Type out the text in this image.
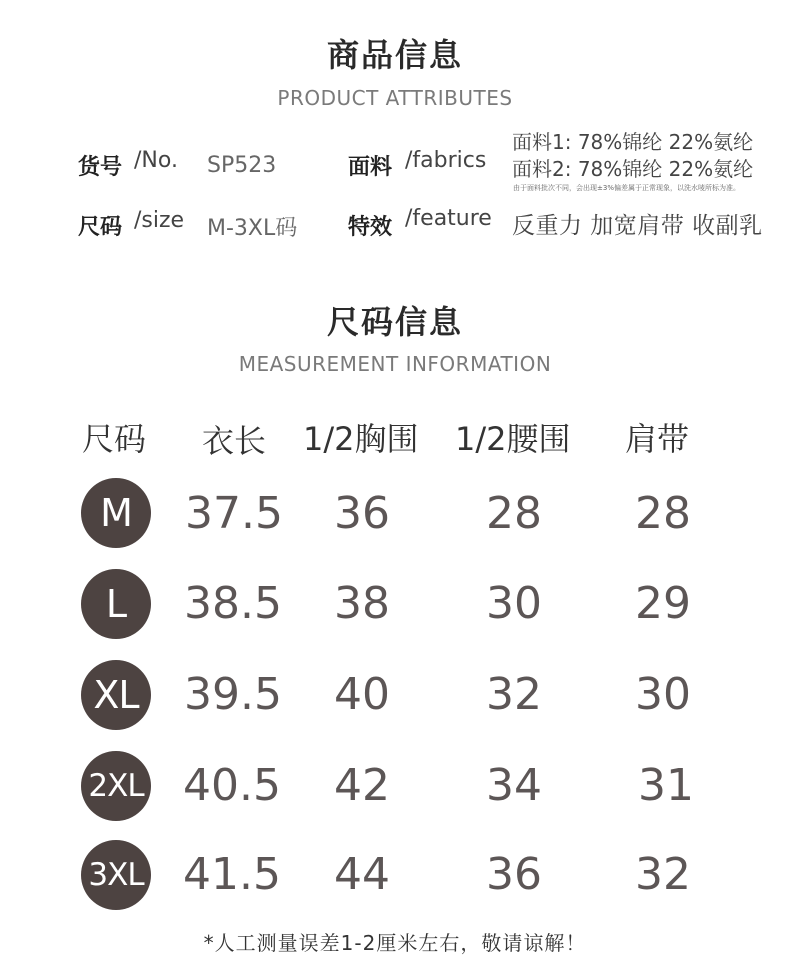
商品信息
PRODUCT ATTRIBUTES
货号 /No. SP523	面料 /fabrics
面料1: 78%锦纶 22%氨纶
面料2: 78%锦纶 22%氨纶
由于面料批次不同，会出现±3%偏差属于正常现象，以洗水唛所标为准。
尺码 /size M-3XL码 特效 /feature 反重力 加宽肩带 收副乳
尺码信息
MEASUREMENT INFORMATION
尺码 衣长 1/2胸围 1/2腰围 肩带
M	37.5	36	28	28
L	38.5	38	30	29
XL	39.5	40	32	30
2XL 40.5	42	34	31
3XL 41.5	44	36	32
*人工测量误差1-2厘米左右，敬请谅解！
